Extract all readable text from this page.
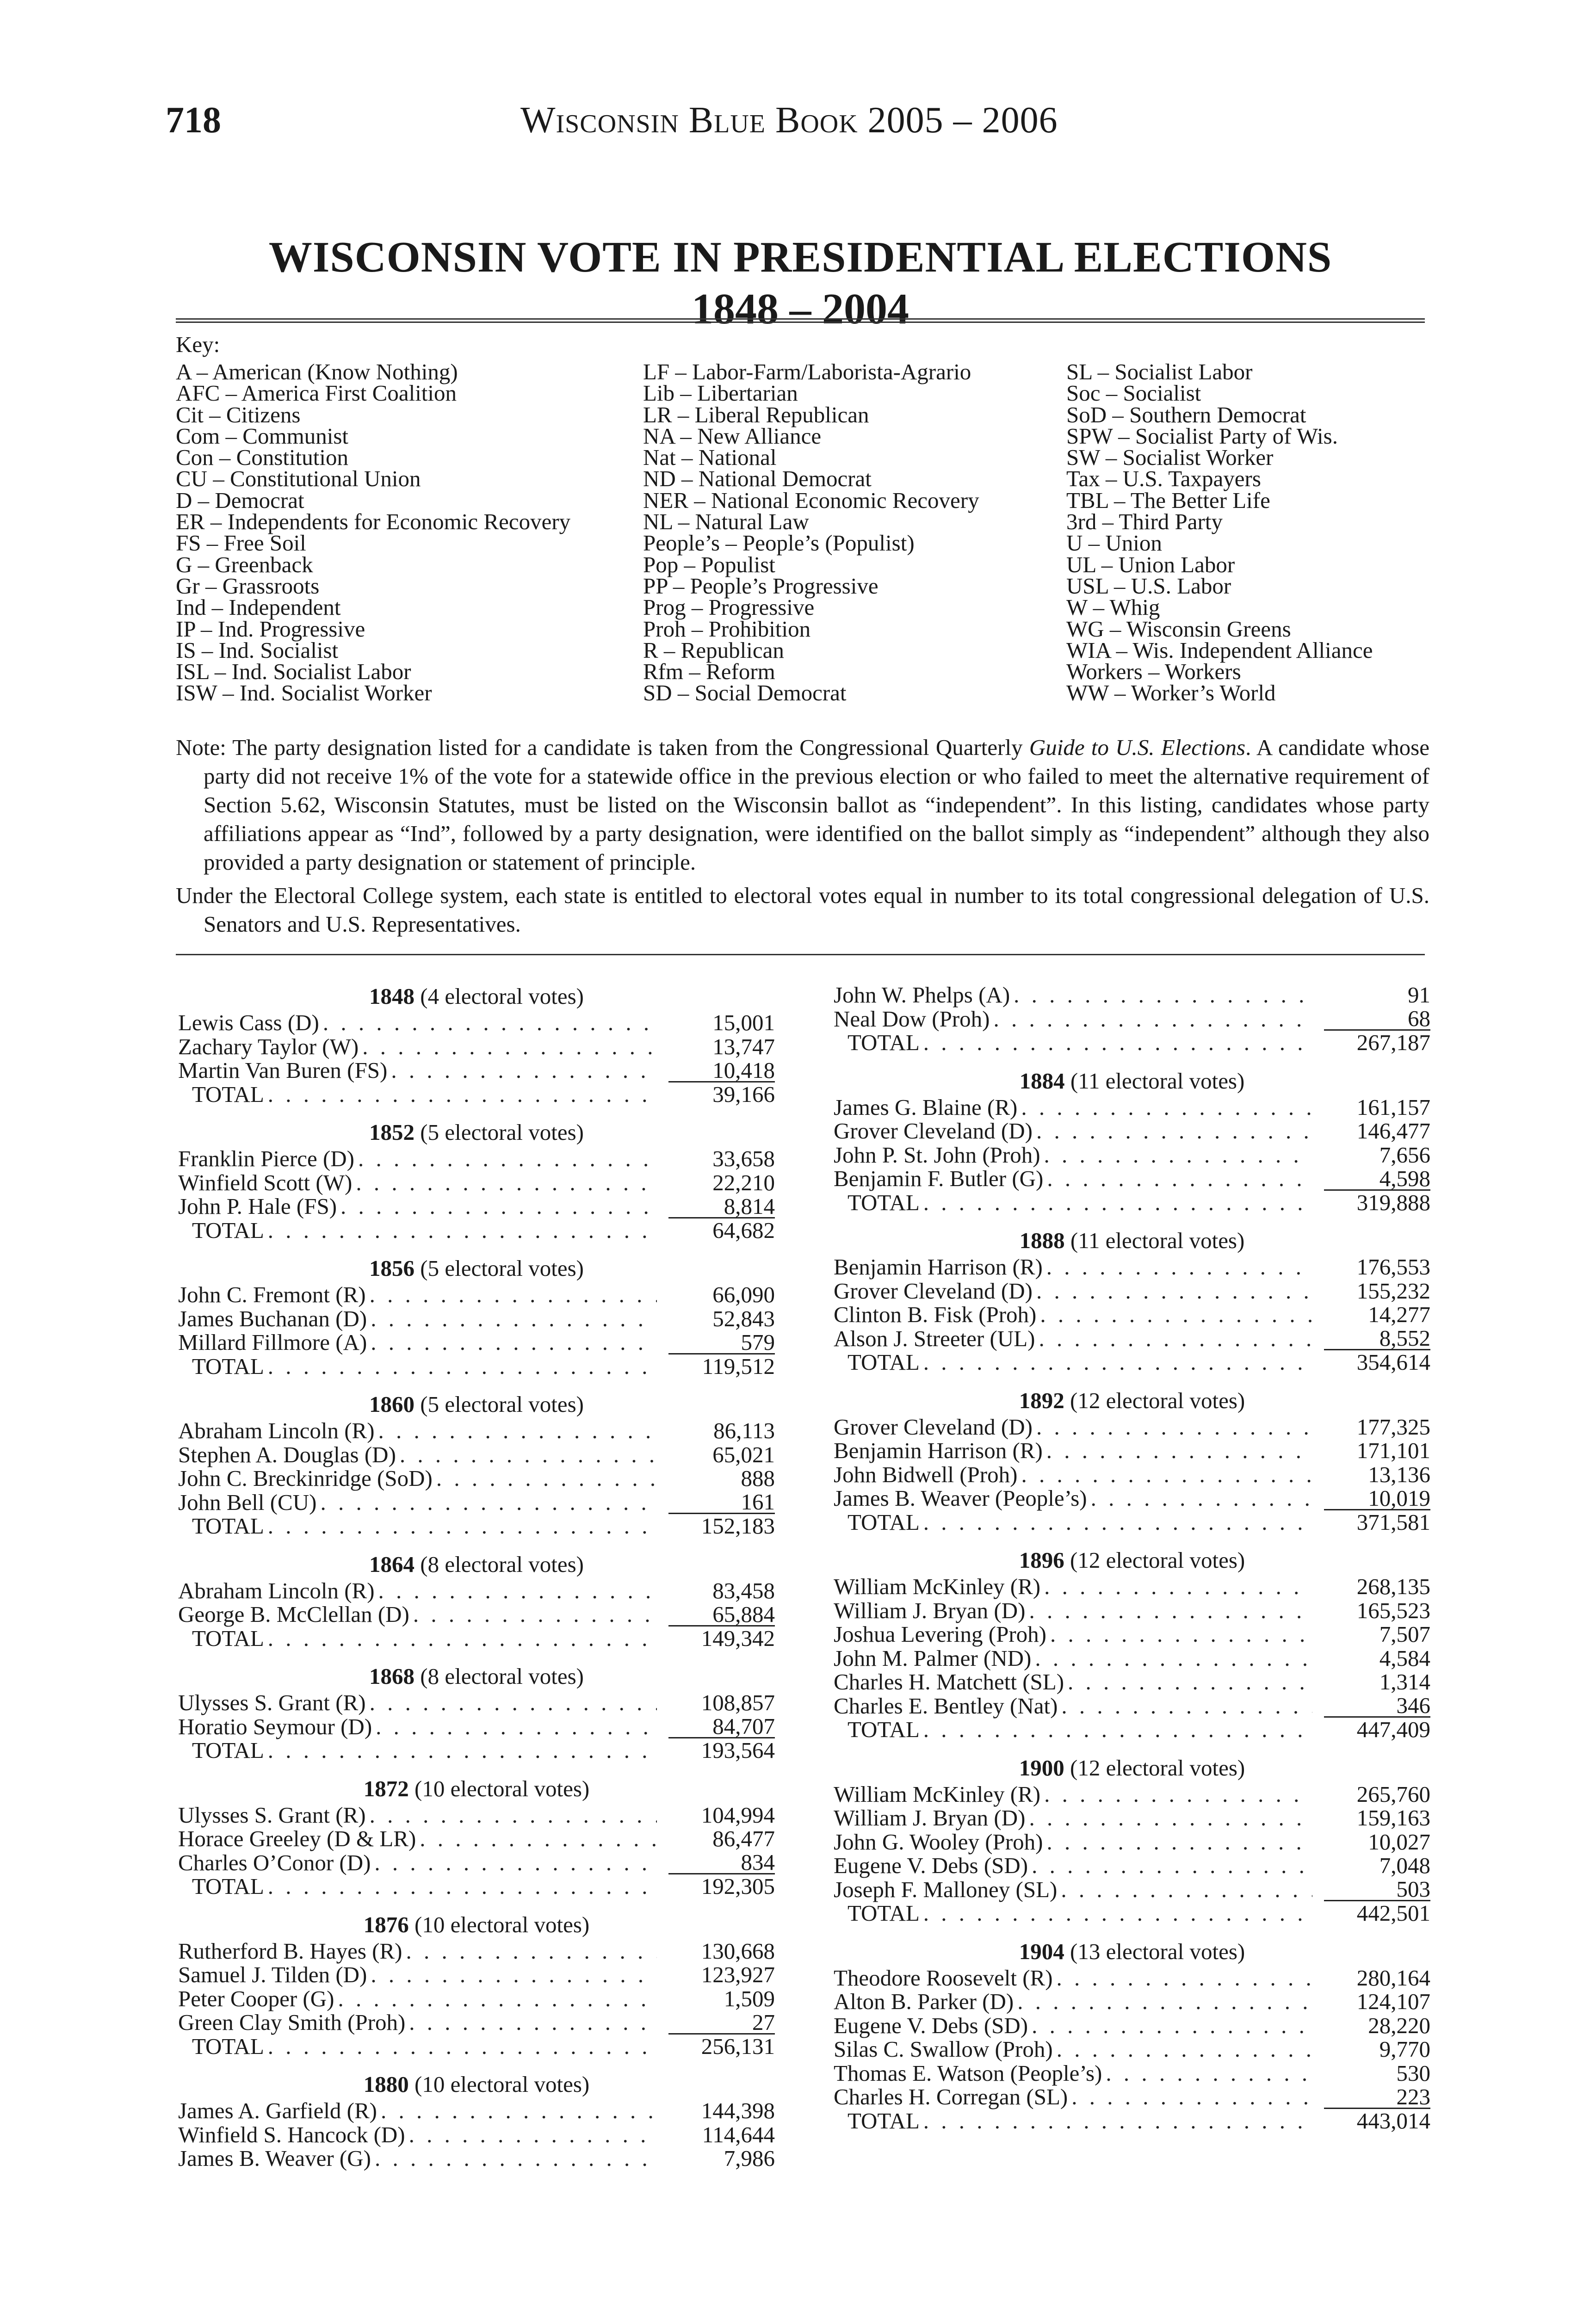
718	Wisconsin Blue Book 2005 – 2006
WISCONSIN VOTE IN PRESIDENTIAL ELECTIONS
1848 – 2004
Key:
A – American (Know Nothing)
AFC – America First Coalition
Cit – Citizens
Com – Communist
Con – Constitution
CU – Constitutional Union
D – Democrat
ER – Independents for Economic Recovery
FS – Free Soil
G – Greenback
Gr – Grassroots
Ind – Independent
IP – Ind. Progressive
IS – Ind. Socialist
ISL – Ind. Socialist Labor
ISW – Ind. Socialist Worker
LF – Labor-Farm/Laborista-Agrario
Lib – Libertarian
LR – Liberal Republican
NA – New Alliance
Nat – National
ND – National Democrat
NER – National Economic Recovery
NL – Natural Law
People’s – People’s (Populist)
Pop – Populist
PP – People’s Progressive
Prog – Progressive
Proh – Prohibition
R – Republican
Rfm – Reform
SD – Social Democrat
SL – Socialist Labor
Soc – Socialist
SoD – Southern Democrat
SPW – Socialist Party of Wis.
SW – Socialist Worker
Tax – U.S. Taxpayers
TBL – The Better Life
3rd – Third Party
U – Union
UL – Union Labor
USL – U.S. Labor
W – Whig
WG – Wisconsin Greens
WIA – Wis. Independent Alliance
Workers – Workers
WW – Worker’s World
Note: The party designation listed for a candidate is taken from the Congressional Quarterly Guide to U.S. Elections. A candidate whose party did not receive 1% of the vote for a statewide office in the previous election or who failed to meet the alternative requirement of Section 5.62, Wisconsin Statutes, must be listed on the Wisconsin ballot as “independent”. In this listing, candidates whose party affiliations appear as “Ind”, followed by a party designation, were identified on the ballot simply as “independent” although they also provided a party designation or statement of principle.
Under the Electoral College system, each state is entitled to electoral votes equal in number to its total congressional delegation of U.S. Senators and U.S. Representatives.
1848 (4 electoral votes)
Lewis Cass (D) . . .	15,001
Zachary Taylor (W) . . .	13,747
Martin Van Buren (FS) . . .	10,418
TOTAL . . .	39,166
1852 (5 electoral votes)
Franklin Pierce (D) . . .	33,658
Winfield Scott (W) . . .	22,210
John P. Hale (FS) . . .	8,814
TOTAL . . .	64,682
1856 (5 electoral votes)
John C. Fremont (R) . . .	66,090
James Buchanan (D) . . .	52,843
Millard Fillmore (A) . . .	579
TOTAL . . .	119,512
1860 (5 electoral votes)
Abraham Lincoln (R) . . .	86,113
Stephen A. Douglas (D) . . .	65,021
John C. Breckinridge (SoD) . . .	888
John Bell (CU) . . .	161
TOTAL . . .	152,183
1864 (8 electoral votes)
Abraham Lincoln (R) . . .	83,458
George B. McClellan (D) . . .	65,884
TOTAL . . .	149,342
1868 (8 electoral votes)
Ulysses S. Grant (R) . . .	108,857
Horatio Seymour (D) . . .	84,707
TOTAL . . .	193,564
1872 (10 electoral votes)
Ulysses S. Grant (R) . . .	104,994
Horace Greeley (D & LR) . . .	86,477
Charles O’Conor (D) . . .	834
TOTAL . . .	192,305
1876 (10 electoral votes)
Rutherford B. Hayes (R) . . .	130,668
Samuel J. Tilden (D) . . .	123,927
Peter Cooper (G) . . .	1,509
Green Clay Smith (Proh) . . .	27
TOTAL . . .	256,131
1880 (10 electoral votes)
James A. Garfield (R) . . .	144,398
Winfield S. Hancock (D) . . .	114,644
James B. Weaver (G) . . .	7,986
John W. Phelps (A) . . .	91
Neal Dow (Proh) . . .	68
TOTAL . . .	267,187
1884 (11 electoral votes)
James G. Blaine (R) . . .	161,157
Grover Cleveland (D) . . .	146,477
John P. St. John (Proh) . . .	7,656
Benjamin F. Butler (G) . . .	4,598
TOTAL . . .	319,888
1888 (11 electoral votes)
Benjamin Harrison (R) . . .	176,553
Grover Cleveland (D) . . .	155,232
Clinton B. Fisk (Proh) . . .	14,277
Alson J. Streeter (UL) . . .	8,552
TOTAL . . .	354,614
1892 (12 electoral votes)
Grover Cleveland (D) . . .	177,325
Benjamin Harrison (R) . . .	171,101
John Bidwell (Proh) . . .	13,136
James B. Weaver (People’s) . . .	10,019
TOTAL . . .	371,581
1896 (12 electoral votes)
William McKinley (R) . . .	268,135
William J. Bryan (D) . . .	165,523
Joshua Levering (Proh) . . .	7,507
John M. Palmer (ND) . . .	4,584
Charles H. Matchett (SL) . . .	1,314
Charles E. Bentley (Nat) . . .	346
TOTAL . . .	447,409
1900 (12 electoral votes)
William McKinley (R) . . .	265,760
William J. Bryan (D) . . .	159,163
John G. Wooley (Proh) . . .	10,027
Eugene V. Debs (SD) . . .	7,048
Joseph F. Malloney (SL) . . .	503
TOTAL . . .	442,501
1904 (13 electoral votes)
Theodore Roosevelt (R) . . .	280,164
Alton B. Parker (D) . . .	124,107
Eugene V. Debs (SD) . . .	28,220
Silas C. Swallow (Proh) . . .	9,770
Thomas E. Watson (People’s) . . .	530
Charles H. Corregan (SL) . . .	223
TOTAL . . .	443,014
